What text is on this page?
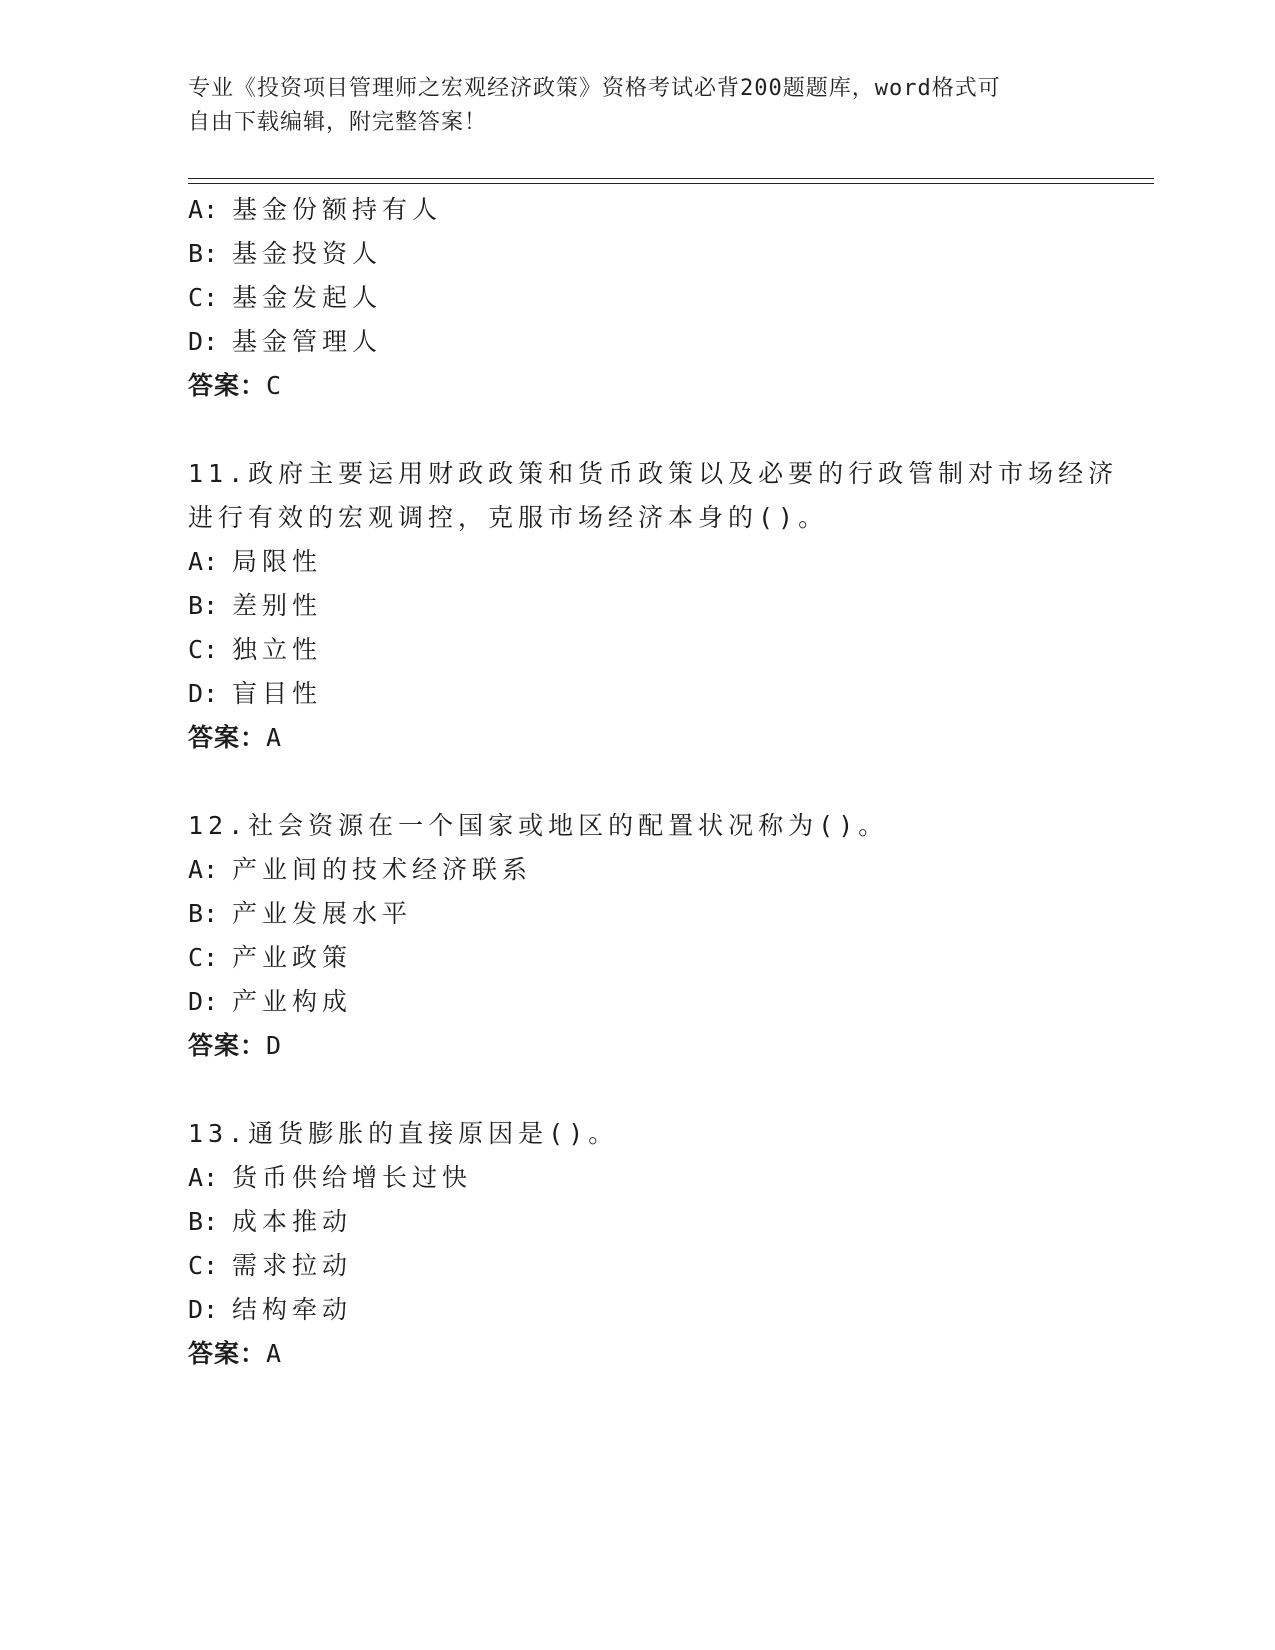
专业《投资项目管理师之宏观经济政策》资格考试必背200题题库，word格式可
自由下载编辑，附完整答案！
A: 基金份额持有人
B: 基金投资人
C: 基金发起人
D: 基金管理人
答案：C
11.政府主要运用财政政策和货币政策以及必要的行政管制对市场经济
进行有效的宏观调控，克服市场经济本身的()。
A: 局限性
B: 差别性
C: 独立性
D: 盲目性
答案：A
12.社会资源在一个国家或地区的配置状况称为()。
A: 产业间的技术经济联系
B: 产业发展水平
C: 产业政策
D: 产业构成
答案：D
13.通货膨胀的直接原因是()。
A: 货币供给增长过快
B: 成本推动
C: 需求拉动
D: 结构牵动
答案：A
